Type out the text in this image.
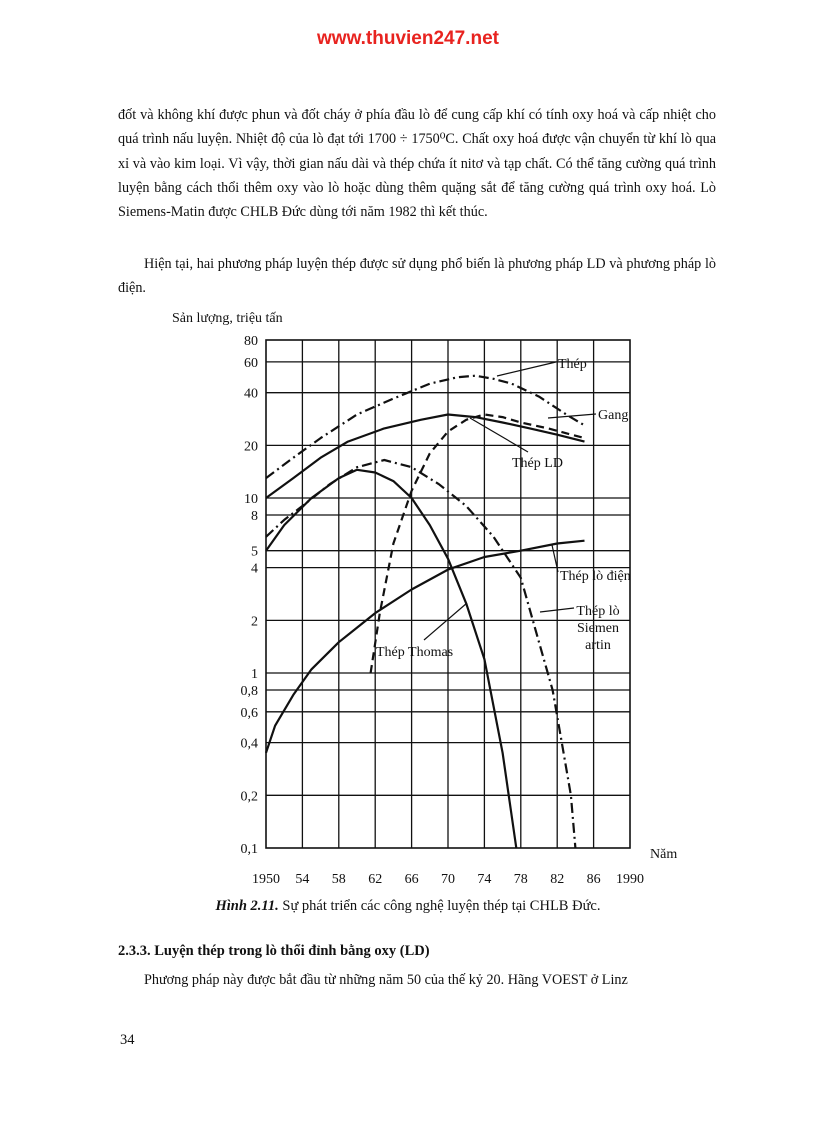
www.thuvien247.net

đốt và không khí được phun và đốt cháy ở phía đầu lò để cung cấp khí có tính oxy hoá và cấp nhiệt cho quá trình nấu luyện. Nhiệt độ của lò đạt tới 1700 ÷ 1750⁰C. Chất oxy hoá được vận chuyển từ khí lò qua xỉ và vào kim loại. Vì vậy, thời gian nấu dài và thép chứa ít nitơ và tạp chất. Có thể tăng cường quá trình luyện bằng cách thổi thêm oxy vào lò hoặc dùng thêm quặng sắt để tăng cường quá trình oxy hoá. Lò Siemens-Matin được CHLB Đức dùng tới năm 1982 thì kết thúc.

Hiện tại, hai phương pháp luyện thép được sử dụng phổ biến là phương pháp LD và phương pháp lò điện.

1950 54 58 62 66 70 74 78 82 86 1990
0,1
0,2
0,4
0,6
0,8
1
2
4
5
8
10
20
40
60
80
Sản lượng, triệu tấn
Năm
Thép
Gang
Thép LD
Thép lò điện
Thép lò Siemen artin
Thép Thomas
Hình 2.11. Sự phát triển các công nghệ luyện thép tại CHLB Đức.
2.3.3. Luyện thép trong lò thổi đỉnh bằng oxy (LD)

Phương pháp này được bắt đầu từ những năm 50 của thế kỷ 20. Hãng VOEST ở Linz

34
